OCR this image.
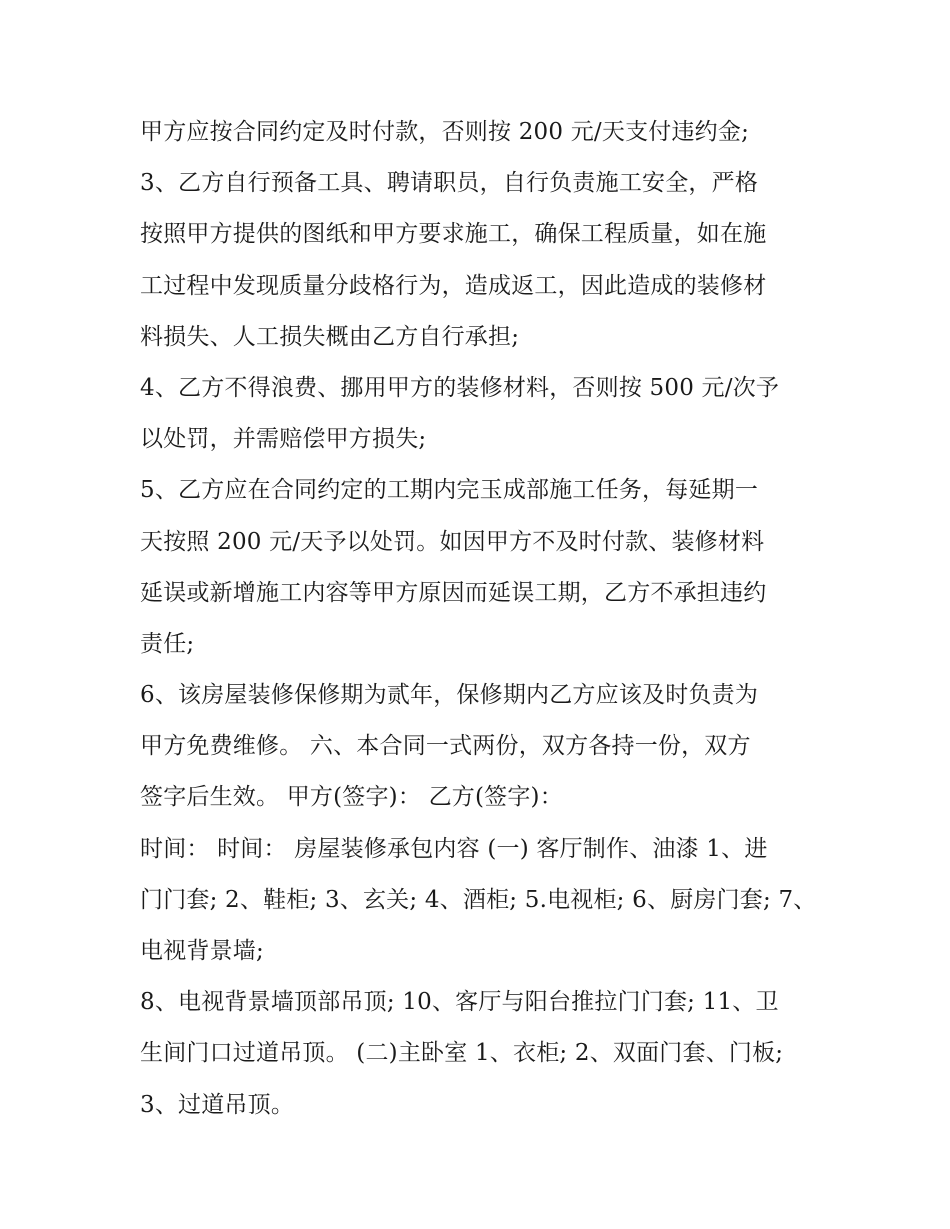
甲方应按合同约定及时付款，否则按 200 元/天支付违约金;
3、乙方自行预备工具、聘请职员，自行负责施工安全，严格
按照甲方提供的图纸和甲方要求施工，确保工程质量，如在施
工过程中发现质量分歧格行为，造成返工，因此造成的装修材
料损失、人工损失概由乙方自行承担;
4、乙方不得浪费、挪用甲方的装修材料，否则按 500 元/次予
以处罚，并需赔偿甲方损失;
5、乙方应在合同约定的工期内完玉成部施工任务，每延期一
天按照 200 元/天予以处罚。如因甲方不及时付款、装修材料
延误或新增施工内容等甲方原因而延误工期，乙方不承担违约
责任;
6、该房屋装修保修期为贰年，保修期内乙方应该及时负责为
甲方免费维修。 六、本合同一式两份，双方各持一份，双方
签字后生效。 甲方(签字)： 乙方(签字)：
时间： 时间： 房屋装修承包内容 (一) 客厅制作、油漆 1、进
门门套; 2、鞋柜; 3、玄关; 4、酒柜; 5.电视柜; 6、厨房门套; 7、
电视背景墙;
8、电视背景墙顶部吊顶; 10、客厅与阳台推拉门门套; 11、卫
生间门口过道吊顶。 (二)主卧室 1、衣柜; 2、双面门套、门板;
3、过道吊顶。
